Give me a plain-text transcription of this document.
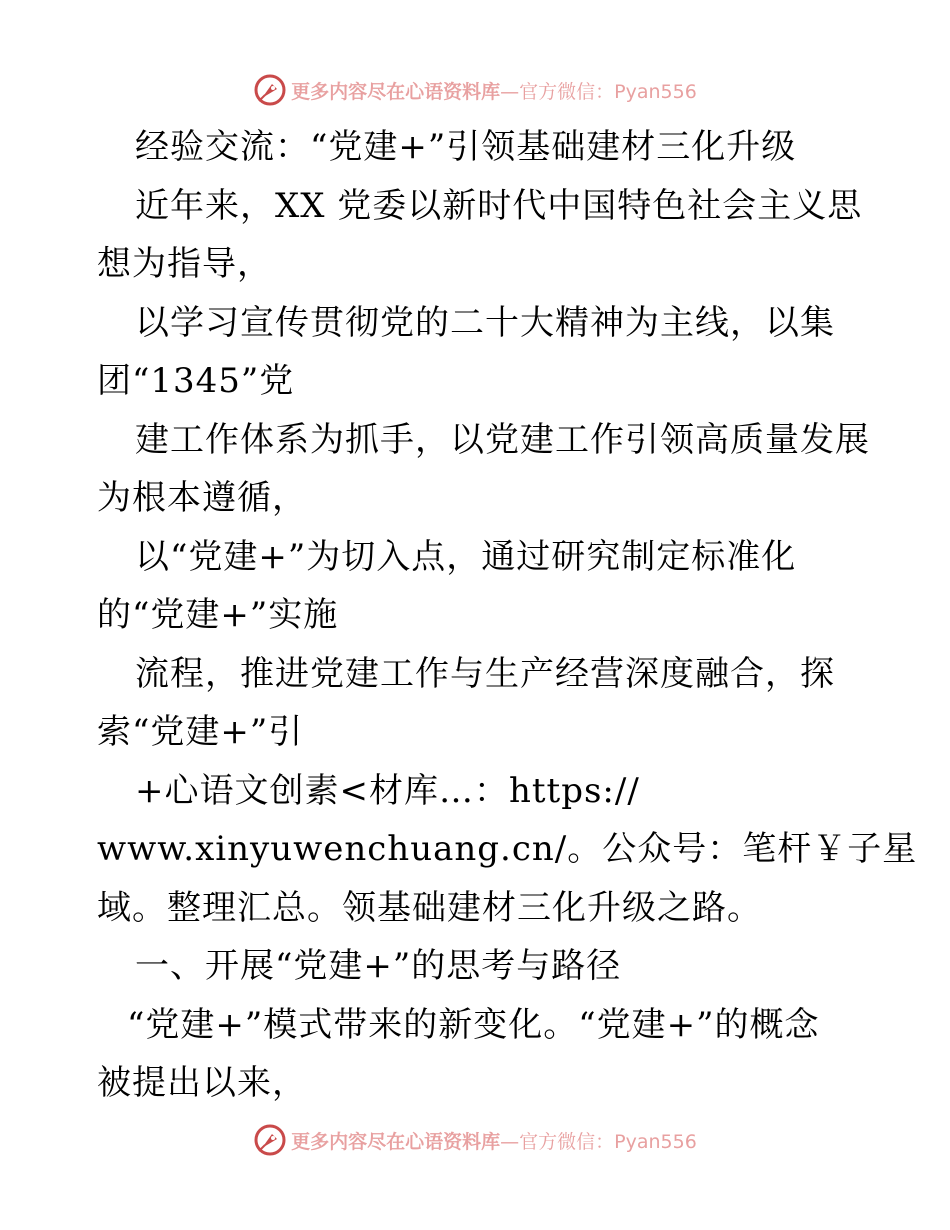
更多内容尽在心语资料库—官方微信：Pyan556
经验交流：“党建+”引领基础建材三化升级
近年来，XX 党委以新时代中国特色社会主义思
想为指导，
以学习宣传贯彻党的二十大精神为主线，以集
团“1345”党
建工作体系为抓手，以党建工作引领高质量发展
为根本遵循，
以“党建+”为切入点，通过研究制定标准化
的“党建+”实施
流程，推进党建工作与生产经营深度融合，探
索“党建+”引
+心语文创素<材库…：https://
www.xinyuwenchuang.cn/。公众号：笔杆￥子星
域。整理汇总。领基础建材三化升级之路。
一、开展“党建+”的思考与路径
“党建+”模式带来的新变化。“党建+”的概念
被提出以来，
更多内容尽在心语资料库—官方微信：Pyan556
